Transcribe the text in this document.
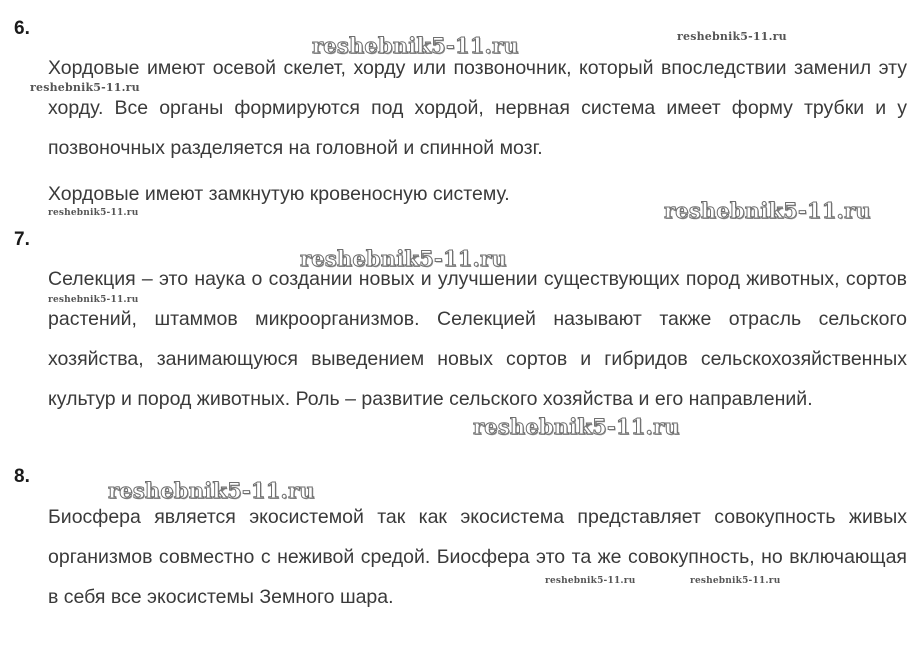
6.

Хордовые имеют осевой скелет, хорду или позвоночник, который впоследствии заменил эту хорду. Все органы формируются под хордой, нервная система имеет форму трубки и у позвоночных разделяется на головной и спинной мозг.

Хордовые имеют замкнутую кровеносную систему.

7.

Селекция – это наука о создании новых и улучшении существующих пород животных, сортов растений, штаммов микроорганизмов. Селекцией называют также отрасль сельского хозяйства, занимающуюся выведением новых сортов и гибридов сельскохозяйственных культур и пород животных. Роль – развитие сельского хозяйства и его направлений.

8.

Биосфера является экосистемой так как экосистема представляет совокупность живых организмов совместно с неживой средой. Биосфера это та же совокупность, но включающая в себя все экосистемы Земного шара.

reshebnik5-11.ru	reshebnik5-11.ru
reshebnik5-11.ru
reshebnik5-11.ru	reshebnik5-11.ru
reshebnik5-11.ru
reshebnik5-11.ru
reshebnik5-11.ru
reshebnik5-11.ru
reshebnik5-11.ru	reshebnik5-11.ru
